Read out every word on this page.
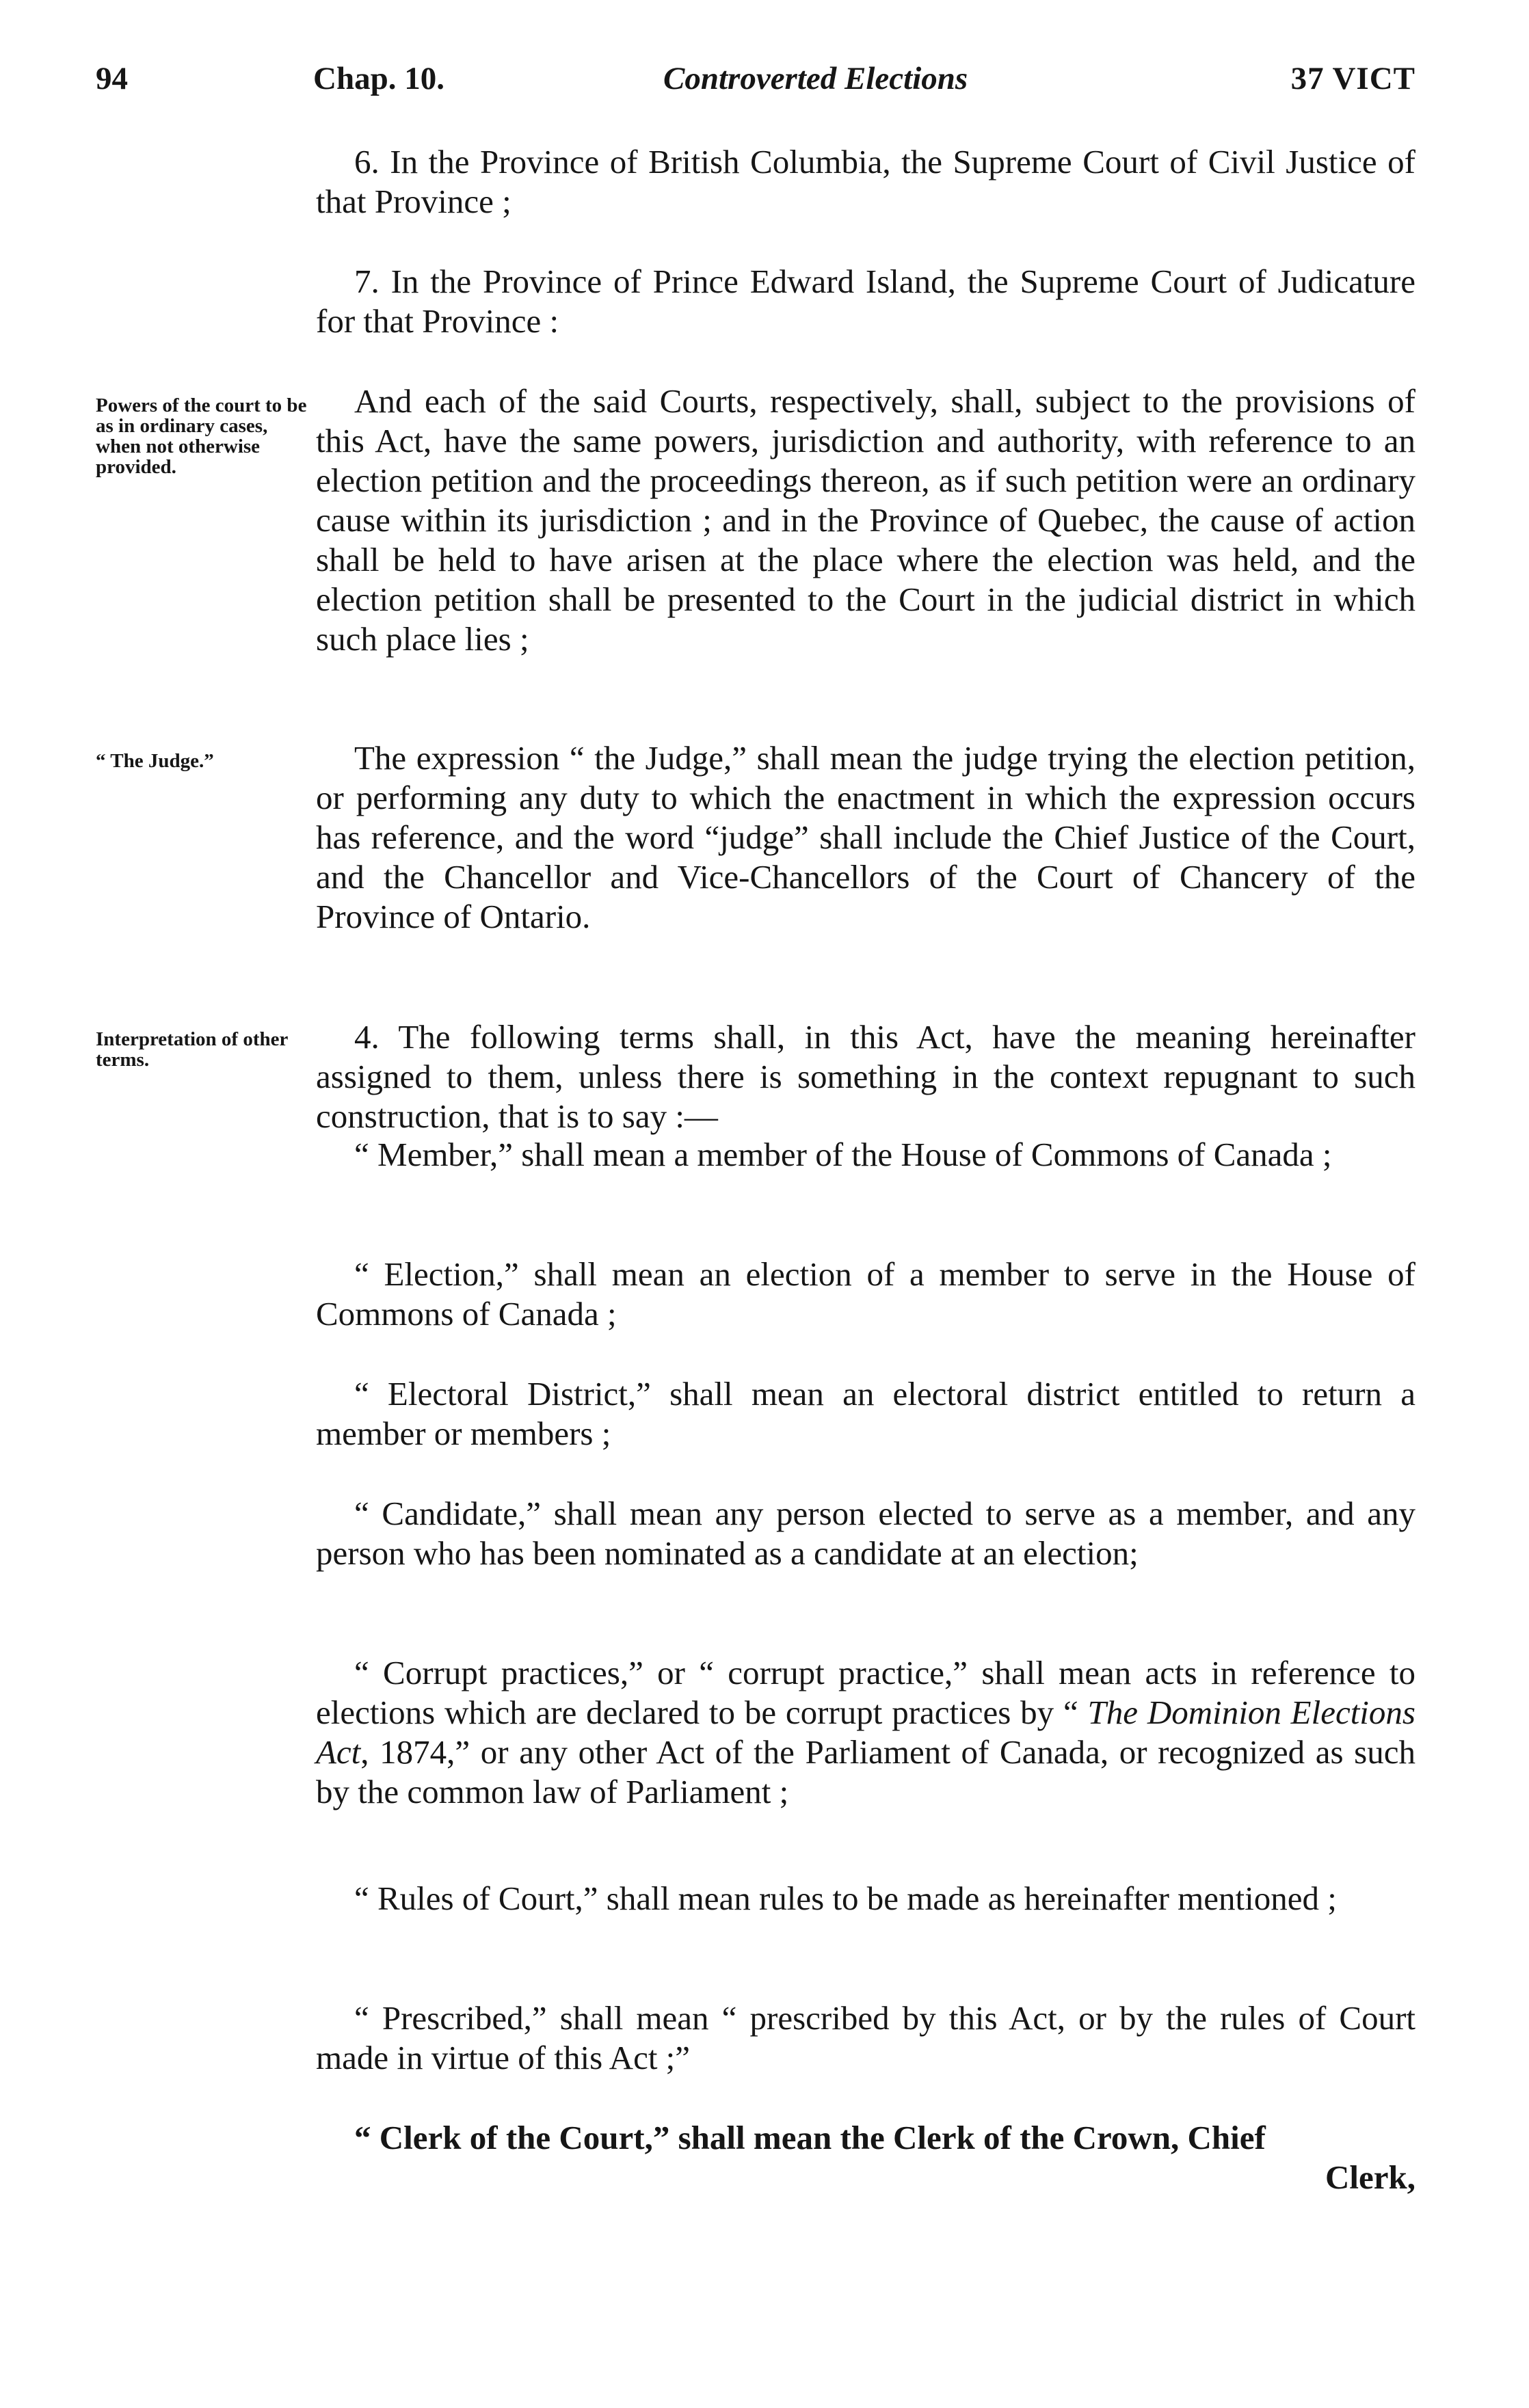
94	Chap. 10.	Controverted Elections	37 VICT

6. In the Province of British Columbia, the Supreme Court of Civil Justice of that Province ;

7. In the Province of Prince Edward Island, the Supreme Court of Judicature for that Province :

Powers of the court to be as in ordinary cases, when not otherwise provided.

And each of the said Courts, respectively, shall, subject to the provisions of this Act, have the same powers, jurisdiction and authority, with reference to an election petition and the proceedings thereon, as if such petition were an ordinary cause within its jurisdiction ; and in the Province of Quebec, the cause of action shall be held to have arisen at the place where the election was held, and the election petition shall be presented to the Court in the judicial district in which such place lies ;

“ The Judge.”	The expression “ the Judge,” shall mean the judge trying the election petition, or performing any duty to which the enactment in which the expression occurs has reference, and the word “judge” shall include the Chief Justice of the Court, and the Chancellor and Vice-Chancellors of the Court of Chancery of the Province of Ontario.

Interpretation of other terms.

4. The following terms shall, in this Act, have the meaning hereinafter assigned to them, unless there is something in the context repugnant to such construction, that is to say :—

“ Member,” shall mean a member of the House of Commons of Canada ;

“ Election,” shall mean an election of a member to serve in the House of Commons of Canada ;

“ Electoral District,” shall mean an electoral district entitled to return a member or members ;

“ Candidate,” shall mean any person elected to serve as a member, and any person who has been nominated as a candidate at an election;

“ Corrupt practices,” or “ corrupt practice,” shall mean acts in reference to elections which are declared to be corrupt practices by “ The Dominion Elections Act, 1874,” or any other Act of the Parliament of Canada, or recognized as such by the common law of Parliament ;

“ Rules of Court,” shall mean rules to be made as hereinafter mentioned ;

“ Prescribed,” shall mean “ prescribed by this Act, or by the rules of Court made in virtue of this Act ;”

“ Clerk of the Court,” shall mean the Clerk of the Crown, Chief

Clerk,
